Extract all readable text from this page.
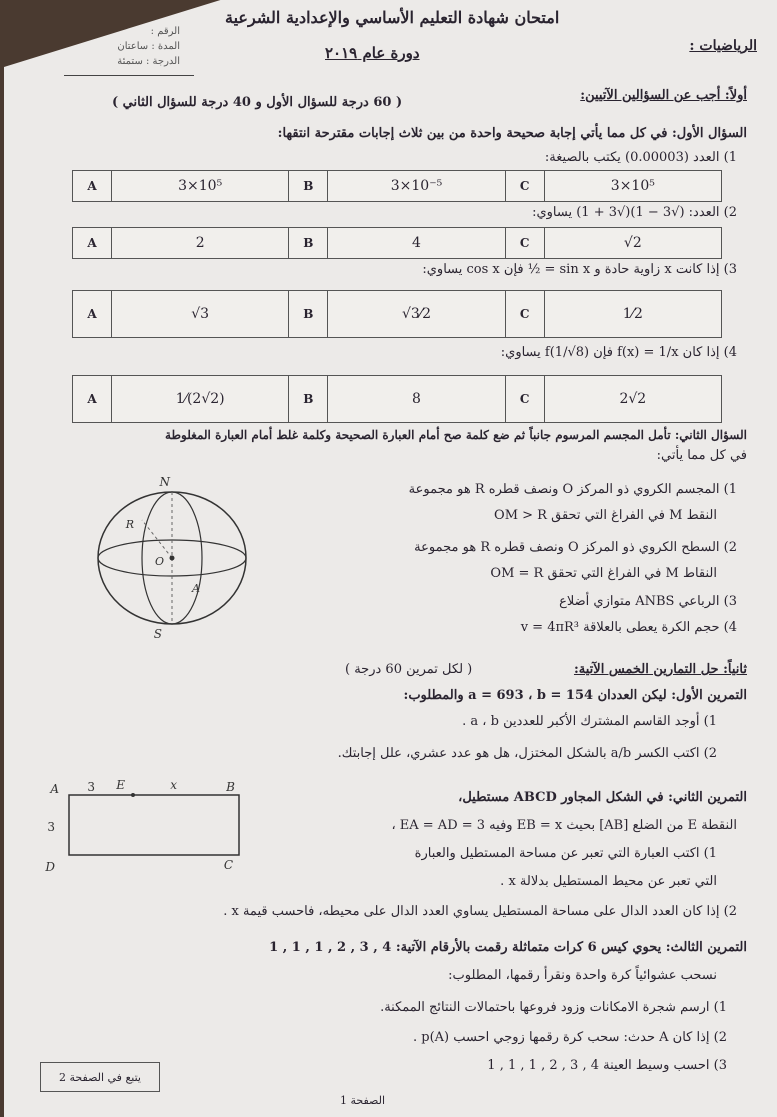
امتحان شهادة التعليم الأساسي والإعدادية الشرعية
دورة عام ٢٠١٩	الرياضيات :
الرقم :
المدة : ساعتان
الدرجة : ستمئة
أولاً: أجب عن السؤالين الآتيين:
( 60 درجة للسؤال الأول و 40 درجة للسؤال الثاني )
السؤال الأول: في كل مما يأتي إجابة صحيحة واحدة من بين ثلاث إجابات مقترحة انتقها:
1) العدد (0.00003) يكتب بالصيغة:
A	3×10⁵	B	3×10⁻⁵	C	3×10⁵
2) العدد: (√3 − 1)(√3 + 1) يساوي:
A	2	B	4	C	√2
3) إذا كانت x زاوية حادة و sin x = ½ فإن cos x يساوي:
A	√3	B	√3⁄2	C	1⁄2
4) إذا كان f(x) = 1/x فإن f(1/√8) يساوي:
A	1⁄(2√2)	B	8	C	2√2
السؤال الثاني: تأمل المجسم المرسوم جانباً ثم ضع كلمة صح أمام العبارة الصحيحة وكلمة غلط أمام العبارة المغلوطة
في كل مما يأتي:
1) المجسم الكروي ذو المركز O ونصف قطره R هو مجموعة
النقط M في الفراغ التي تحقق OM > R
2) السطح الكروي ذو المركز O ونصف قطره R هو مجموعة
النقاط M في الفراغ التي تحقق OM = R
3) الرباعي ANBS متوازي أضلاع
4) حجم الكرة يعطى بالعلاقة v = 4πR³
N
S
O
R
A
ثانياً: حل التمارين الخمس الآتية:
( لكل تمرين 60 درجة )
التمرين الأول: ليكن العددان a = 693 ، b = 154 والمطلوب:
1) أوجد القاسم المشترك الأكبر للعددين a ، b .
2) اكتب الكسر a/b بالشكل المختزل، هل هو عدد عشري، علل إجابتك.
التمرين الثاني: في الشكل المجاور ABCD مستطيل،
النقطة E من الضلع [AB] بحيث EB = x وفيه EA = AD = 3 ،
1) اكتب العبارة التي تعبر عن مساحة المستطيل والعبارة
التي تعبر عن محيط المستطيل بدلالة x .
2) إذا كان العدد الدال على مساحة المستطيل يساوي العدد الدال على محيطه، فاحسب قيمة x .
A	B
C
D
E	x
3
3
التمرين الثالث: يحوي كيس 6 كرات متماثلة رقمت بالأرقام الآتية: 4 , 3 , 2 , 1 , 1 , 1
نسحب عشوائياً كرة واحدة ونقرأ رقمها، المطلوب:
1) ارسم شجرة الامكانات وزود فروعها باحتمالات النتائج الممكنة.
2) إذا كان A حدث: سحب كرة رقمها زوجي احسب p(A) .
3) احسب وسيط العينة 4 , 3 , 2 , 1 , 1 , 1
يتبع في الصفحة 2
الصفحة 1
